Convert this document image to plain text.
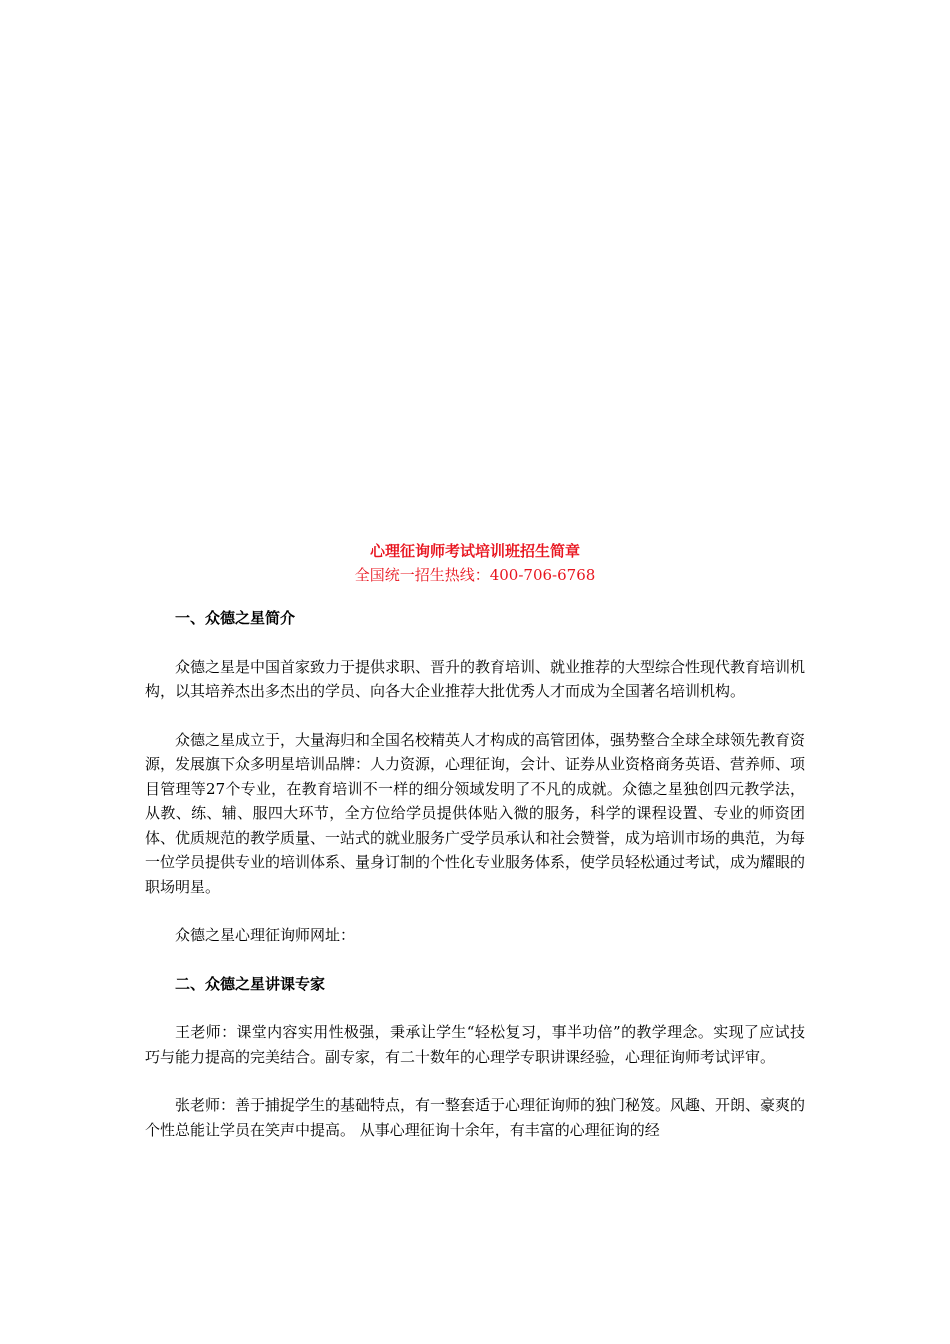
心理征询师考试培训班招生简章

全国统一招生热线：400-706-6768

一、众德之星简介

众德之星是中国首家致力于提供求职、晋升的教育培训、就业推荐的大型综合性现代教育培训机构，以其培养杰出多杰出的学员、向各大企业推荐大批优秀人才而成为全国著名培训机构。

众德之星成立于，大量海归和全国名校精英人才构成的高管团体，强势整合全球全球领先教育资源，发展旗下众多明星培训品牌：人力资源，心理征询，会计、证券从业资格商务英语、营养师、项目管理等27个专业，在教育培训不一样的细分领域发明了不凡的成就。众德之星独创四元教学法，从教、练、辅、服四大环节，全方位给学员提供体贴入微的服务，科学的课程设置、专业的师资团体、优质规范的教学质量、一站式的就业服务广受学员承认和社会赞誉，成为培训市场的典范，为每一位学员提供专业的培训体系、量身订制的个性化专业服务体系，使学员轻松通过考试，成为耀眼的职场明星。

众德之星心理征询师网址：

二、众德之星讲课专家

王老师：课堂内容实用性极强，秉承让学生“轻松复习，事半功倍”的教学理念。实现了应试技巧与能力提高的完美结合。副专家，有二十数年的心理学专职讲课经验，心理征询师考试评审。

张老师：善于捕捉学生的基础特点，有一整套适于心理征询师的独门秘笈。风趣、开朗、豪爽的个性总能让学员在笑声中提高。 从事心理征询十余年，有丰富的心理征询的经
